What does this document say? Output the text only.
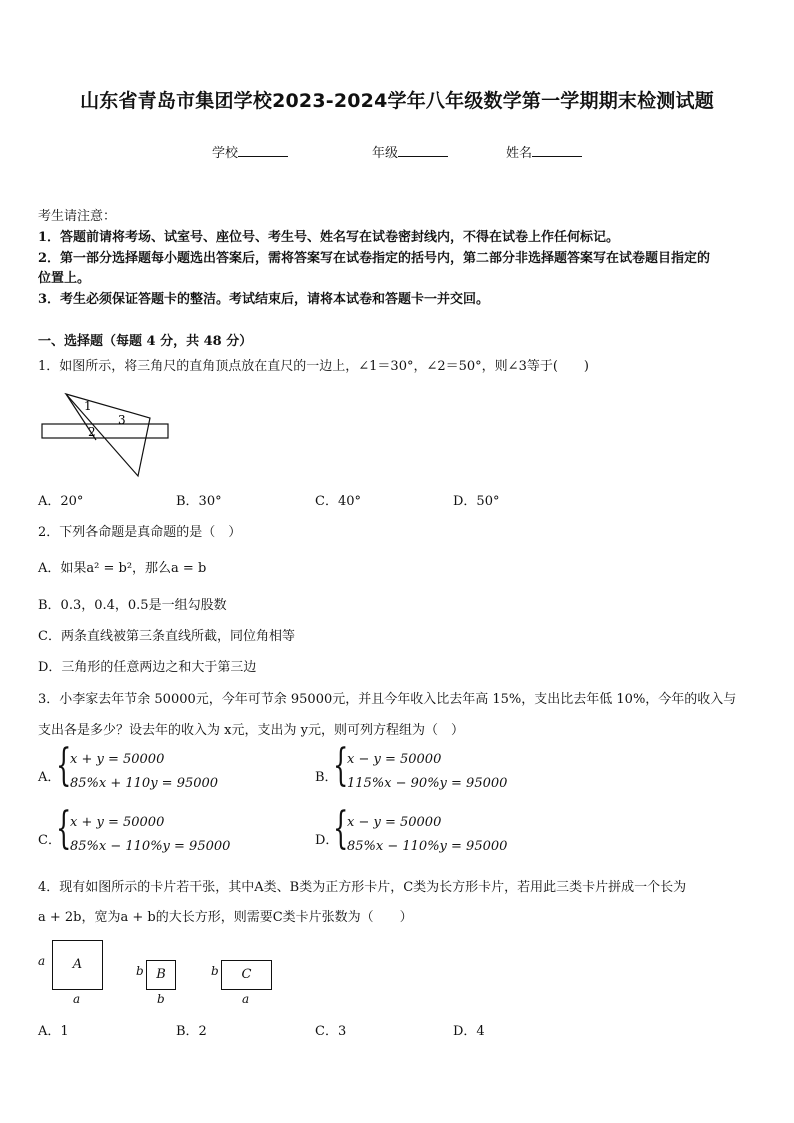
山东省青岛市集团学校2023-2024学年八年级数学第一学期期末检测试题
学校	年级	姓名
考生请注意：
1．答题前请将考场、试室号、座位号、考生号、姓名写在试卷密封线内，不得在试卷上作任何标记。
2．第一部分选择题每小题选出答案后，需将答案写在试卷指定的括号内，第二部分非选择题答案写在试卷题目指定的
位置上。
3．考生必须保证答题卡的整洁。考试结束后，请将本试卷和答题卡一并交回。
一、选择题（每题 4 分，共 48 分）
1．如图所示，将三角尺的直角顶点放在直尺的一边上，∠1＝30°，∠2＝50°，则∠3等于(　　)
1
2
3
A．20°	B．30°	C．40°	D．50°
2．下列各命题是真命题的是（　）
A．如果a² = b²，那么a = b
B．0.3，0.4，0.5是一组勾股数
C．两条直线被第三条直线所截，同位角相等
D．三角形的任意两边之和大于第三边
3．小李家去年节余 50000元，今年可节余 95000元，并且今年收入比去年高 15%，支出比去年低 10%，今年的收入与
支出各是多少？设去年的收入为 x元，支出为 y元，则可列方程组为（　）
A．
{
x + y = 50000
85%x + 110y = 95000	B．
{
x − y = 50000
115%x − 90%y = 95000
C．
{
x + y = 50000
85%x − 110%y = 95000	D．
{
x − y = 50000
85%x − 110%y = 95000
4．现有如图所示的卡片若干张，其中A类、B类为正方形卡片，C类为长方形卡片，若用此三类卡片拼成一个长为
a + 2b，宽为a + b的大长方形，则需要C类卡片张数为（　　）
a	A
a
b B
b
b	C
a
A．1	B．2	C．3	D．4
